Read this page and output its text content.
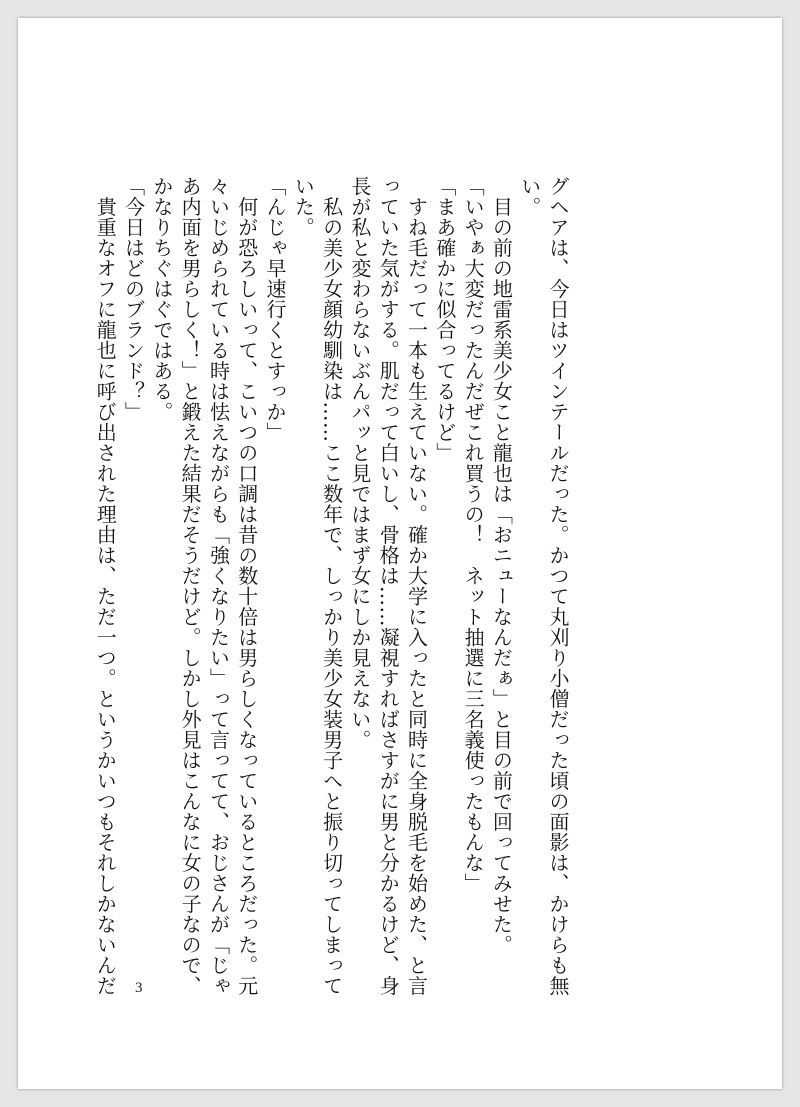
グヘアは、今日はツインテールだった。かつて丸刈り小僧だった頃の面影は、かけらも無
い。
　目の前の地雷系美少女こと龍也は「おニューなんだぁ」と目の前で回ってみせた。
「いやぁ大変だったんだぜこれ買うの！　ネット抽選に三名義使ったもんな」
「まあ確かに似合ってるけど」
　すね毛だって一本も生えていない。確か大学に入ったと同時に全身脱毛を始めた、と言
っていた気がする。肌だって白いし、骨格は……凝視すればさすがに男と分かるけど、身
長が私と変わらないぶんパッと見ではまず女にしか見えない。
　私の美少女顔幼馴染は……ここ数年で、しっかり美少女装男子へと振り切ってしまって
いた。
「んじゃ早速行くとすっか」
　何が恐ろしいって、こいつの口調は昔の数十倍は男らしくなっているところだった。元
々いじめられている時は怯えながらも「強くなりたい」って言ってて、おじさんが「じゃ
あ内面を男らしく！」と鍛えた結果だそうだけど。しかし外見はこんなに女の子なので、
かなりちぐはぐではある。
「今日はどのブランド？」
　貴重なオフに龍也に呼び出された理由は、ただ一つ。というかいつもそれしかないんだ 3
